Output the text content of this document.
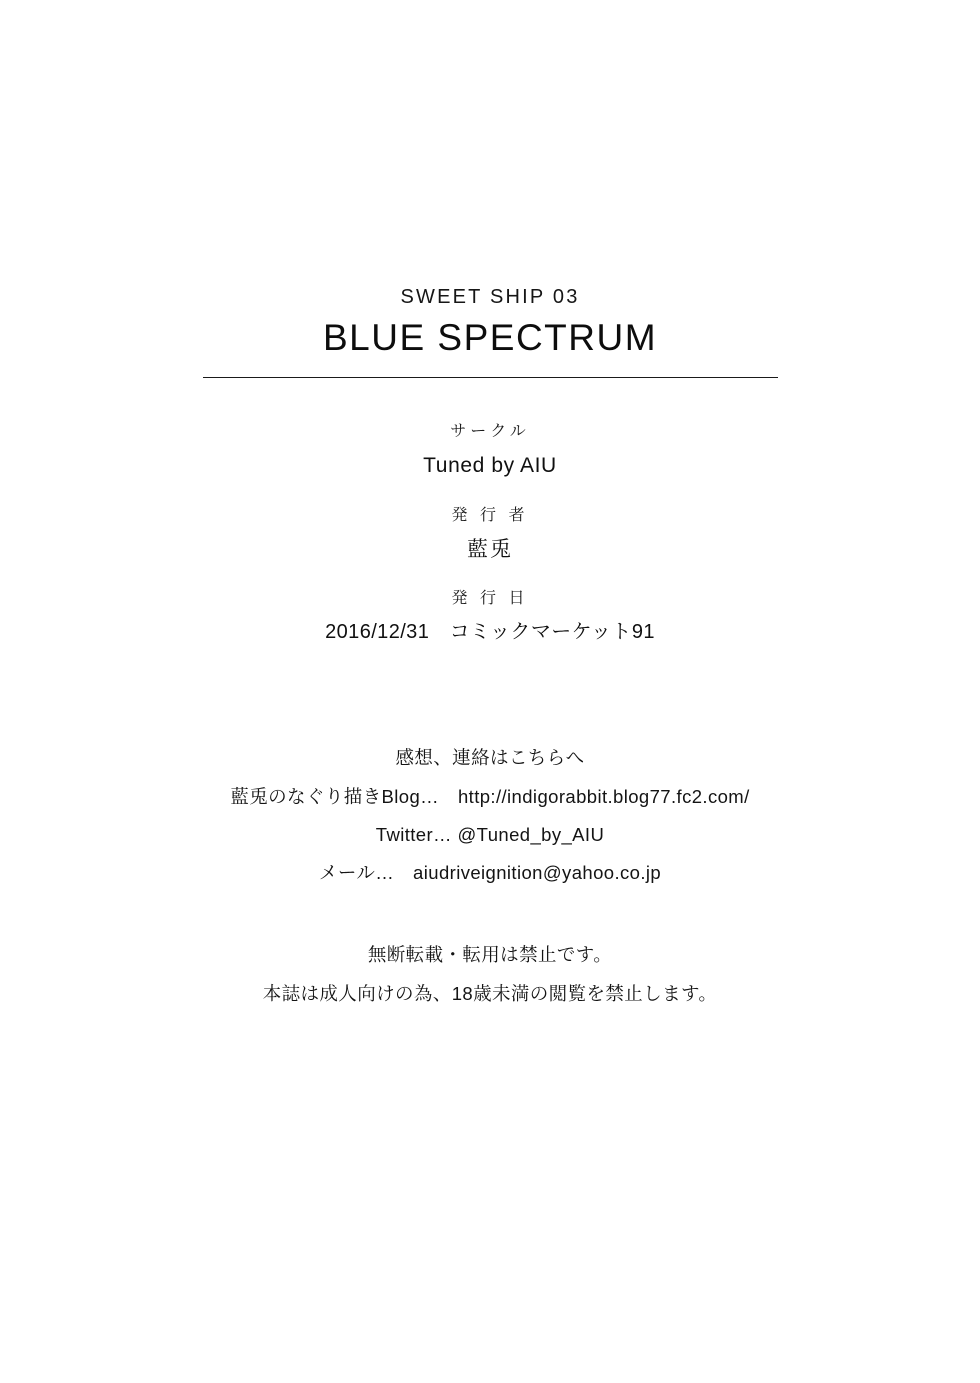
SWEET SHIP 03
BLUE SPECTRUM
サークル
Tuned by AIU
発 行 者
藍兎
発 行 日
2016/12/31　コミックマーケット91
感想、連絡はこちらへ
藍兎のなぐり描きBlog…　http://indigorabbit.blog77.fc2.com/
Twitter… @Tuned_by_AIU
メール…　aiudriveignition@yahoo.co.jp
無断転載・転用は禁止です。
本誌は成人向けの為、18歳未満の閲覧を禁止します。
